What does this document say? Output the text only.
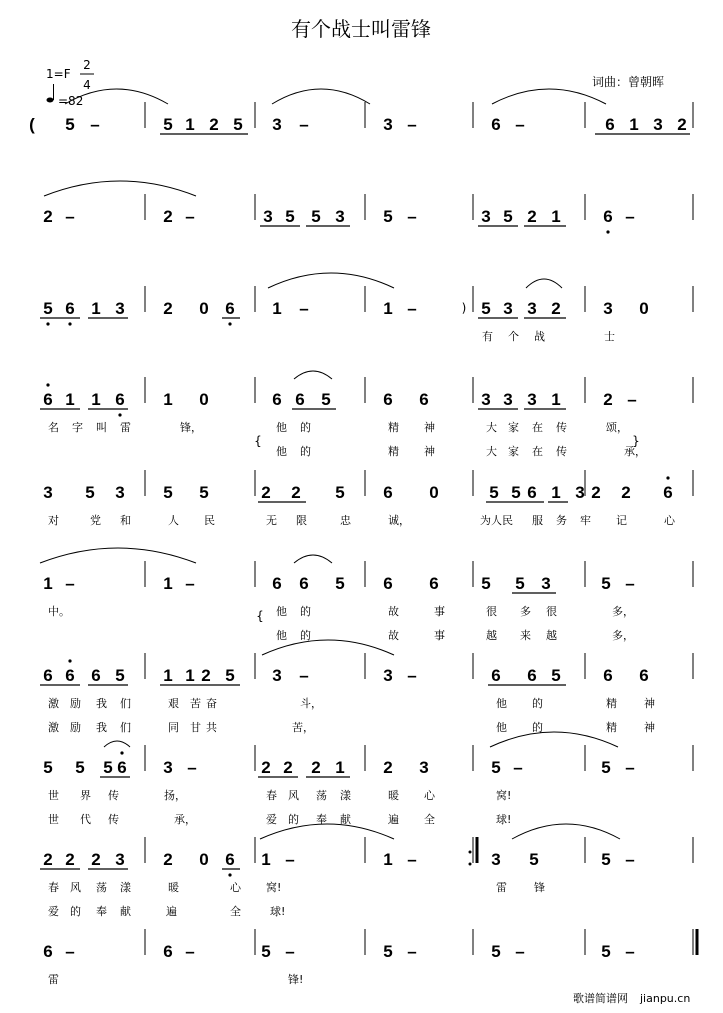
有个战士叫雷锋
1=F
2
4
=82
词曲：曾朝晖
歌谱简谱网 jianpu.cn
( 5 –	5 1 2 5 3 –	3 –	6 –	6 1 3 2
2 –	2 –	3 5 5 3 5 –	3 5 2 1	6 –
5 6 1 3 2 0 6 1 –	1 –	5 3 3 2	3 0
6 1 1 6 1 0	6 6 5	6 6	3 3 3 1	2 –
3 5 3 5 5	2 2 5 6 0	5 5 6 1 3 2 2 6
1 –	1 –	6 6 5 6 6	5 5 3	5 –
6 6 6 5 1 1 2 5 3 –	3 –	6 6 5	6 6
5 5 5 6 3 –	2 2 2 1 2 3	5 –	5 –
2 2 2 3 2 0 6 1 –	1 –	3 5	5 –
6 –	6 –	5 –	5 –	5 –	5 –
有 个 战	士
名 字 叫 雷	锋，	他 的	精 神	大 家 在 传	颂，
他 的	精 神	大 家 在 传	承，
对	党 和	人 民	无 限	忠	诚，	为人民 服 务 牢 记	心
中。	他 的	故	事	很 多 很	多，
他 的	故	事	越 来 越	多，
激 励 我 们	艰 苦 奋	斗，	他 的	精 神
激 励 我 们	同 甘 共	苦，	他 的	精 神
世 界 传	扬，	春 风 荡 漾	暖 心	窝!
世 代 传	承，	爱 的 奉 献	遍 全	球!
春 风 荡 漾	暖	心 窝!	雷 锋
爱 的 奉 献	遍	全	球!
雷	锋!
{	}
{
)
